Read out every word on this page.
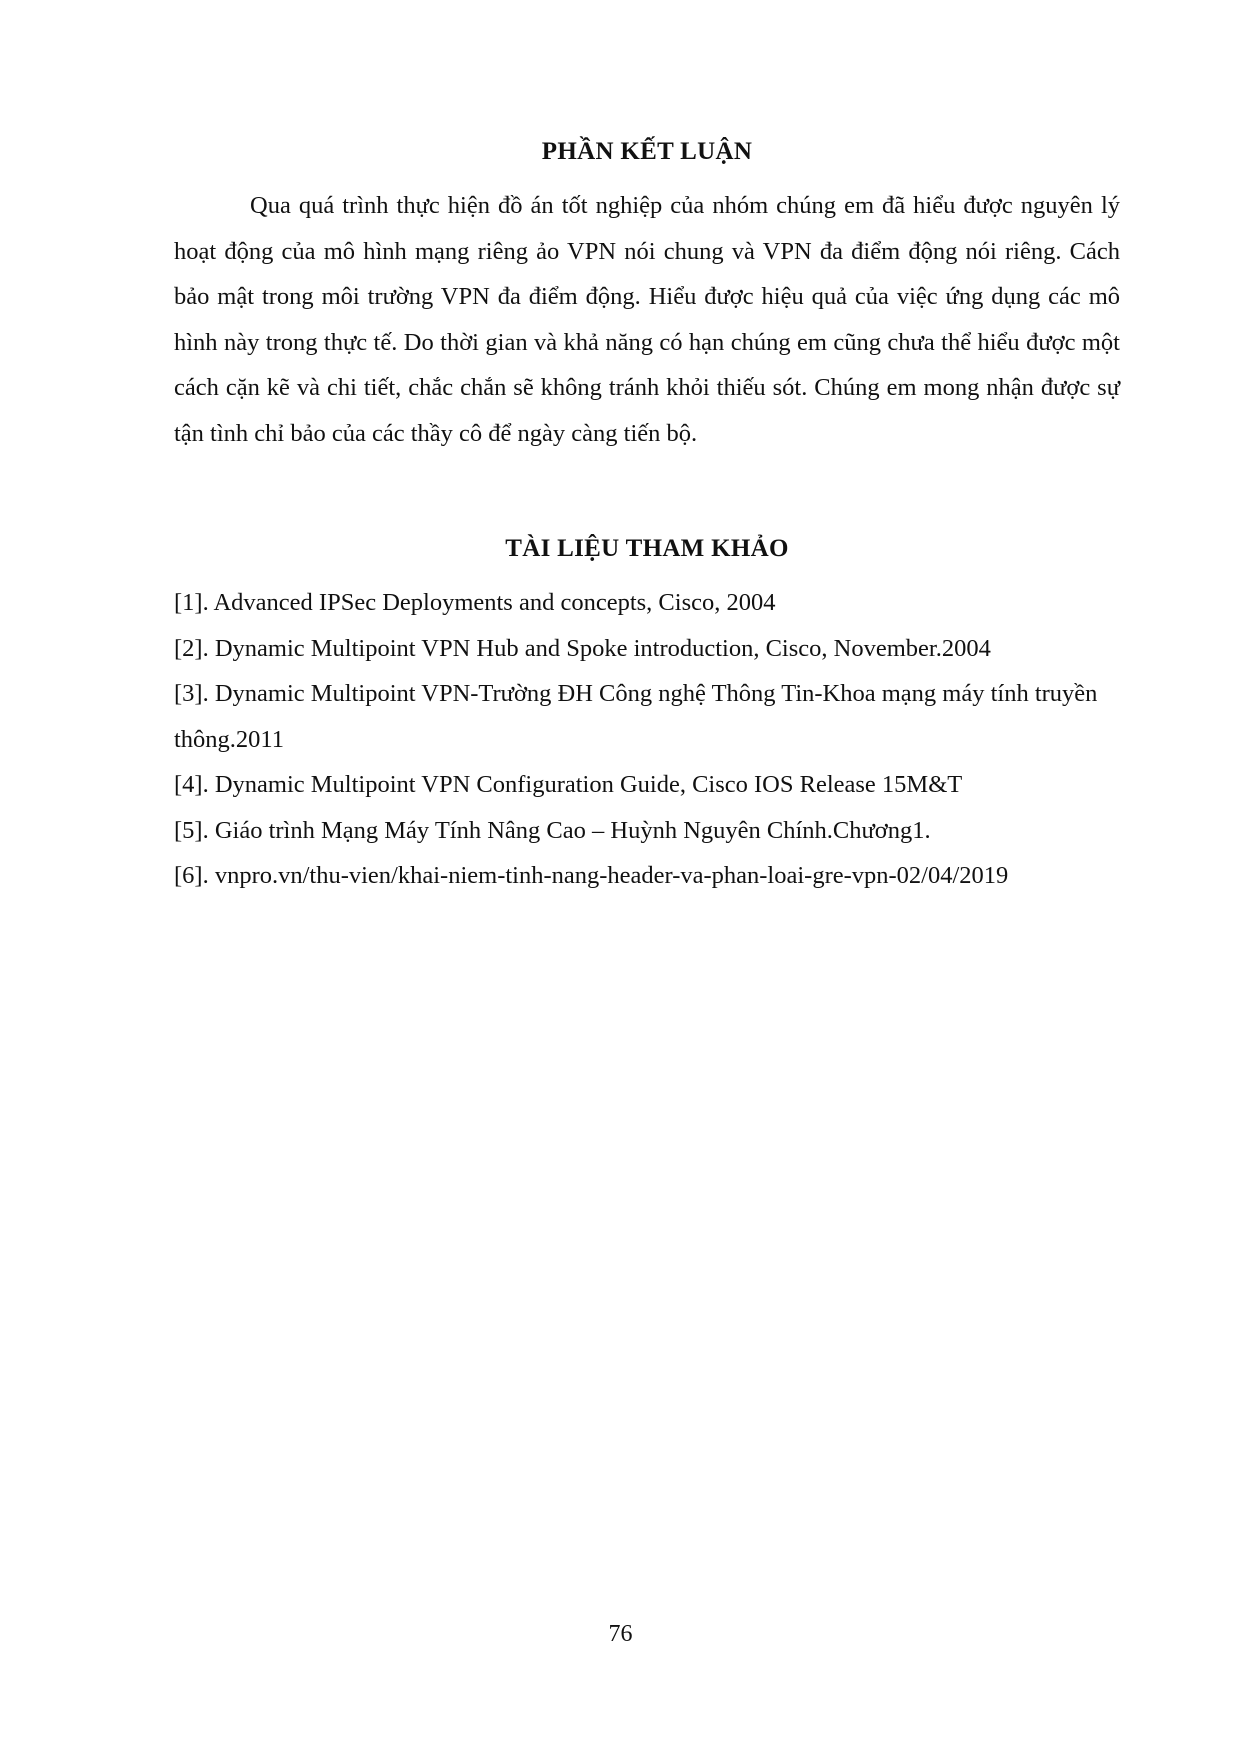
PHẦN KẾT LUẬN

Qua quá trình thực hiện đồ án tốt nghiệp của nhóm chúng em đã hiểu được nguyên lý hoạt động của mô hình mạng riêng ảo VPN nói chung và VPN đa điểm động nói riêng. Cách bảo mật trong môi trường VPN đa điểm động. Hiểu được hiệu quả của việc ứng dụng các mô hình này trong thực tế. Do thời gian và khả năng có hạn chúng em cũng chưa thể hiểu được một cách cặn kẽ và chi tiết, chắc chắn sẽ không tránh khỏi thiếu sót. Chúng em mong nhận được sự tận tình chỉ bảo của các thầy cô để ngày càng tiến bộ.

TÀI LIỆU THAM KHẢO
[1]. Advanced IPSec Deployments and concepts, Cisco, 2004
[2]. Dynamic Multipoint VPN Hub and Spoke introduction, Cisco, November.2004
[3]. Dynamic Multipoint VPN-Trường ĐH Công nghệ Thông Tin-Khoa mạng máy tính truyền thông.2011
[4]. Dynamic Multipoint VPN Configuration Guide, Cisco IOS Release 15M&T
[5]. Giáo trình Mạng Máy Tính Nâng Cao – Huỳnh Nguyên Chính.Chương1.
[6]. vnpro.vn/thu-vien/khai-niem-tinh-nang-header-va-phan-loai-gre-vpn-02/04/2019
76
